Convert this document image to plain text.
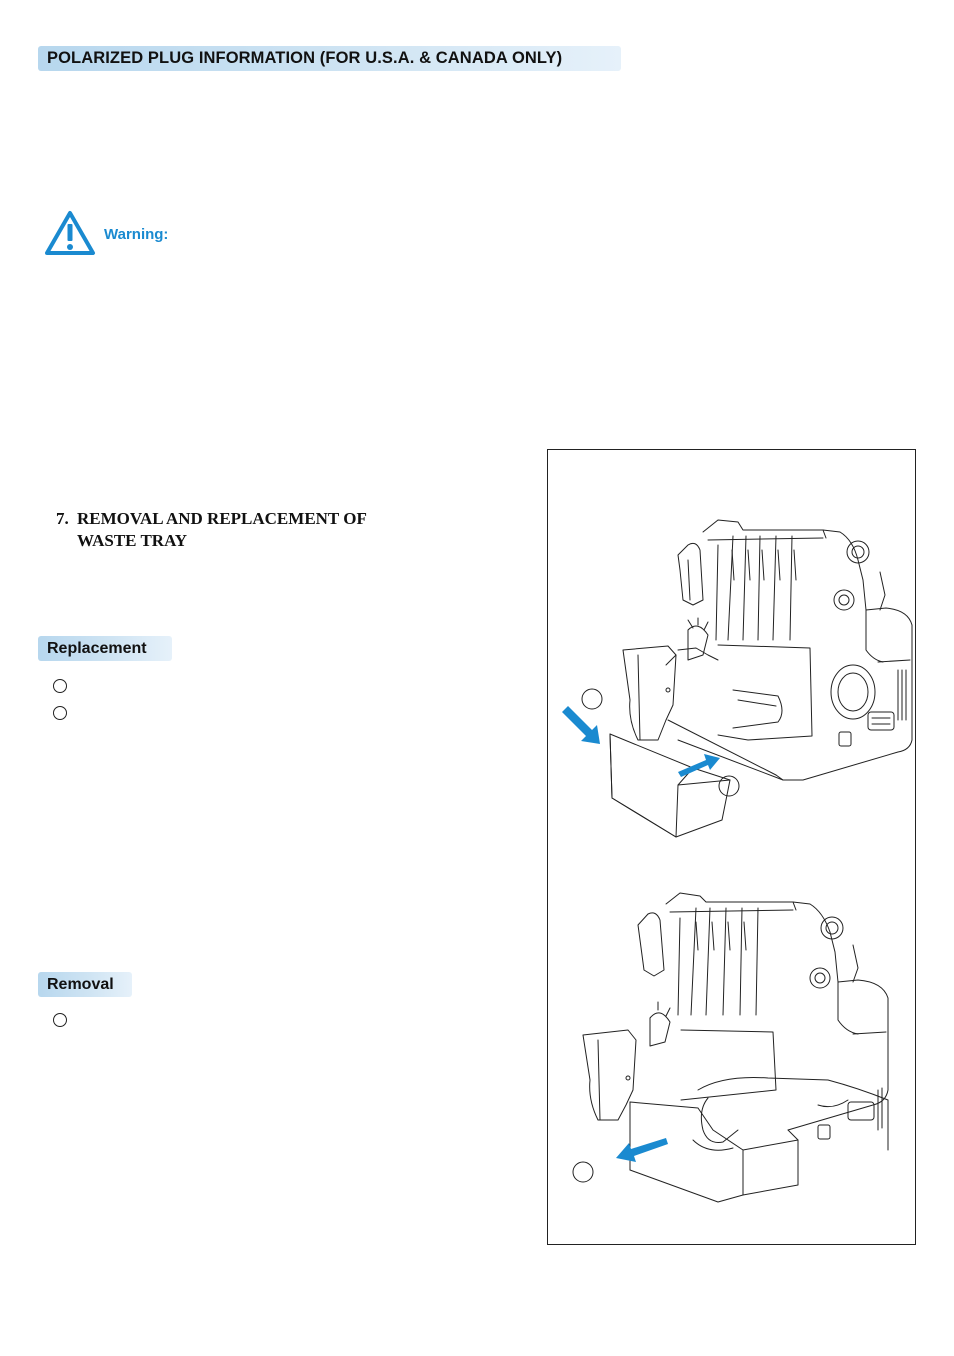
POLARIZED PLUG INFORMATION (FOR U.S.A. & CANADA ONLY)
Warning:
7. REMOVAL AND REPLACEMENT OF
WASTE TRAY
Replacement
Removal
